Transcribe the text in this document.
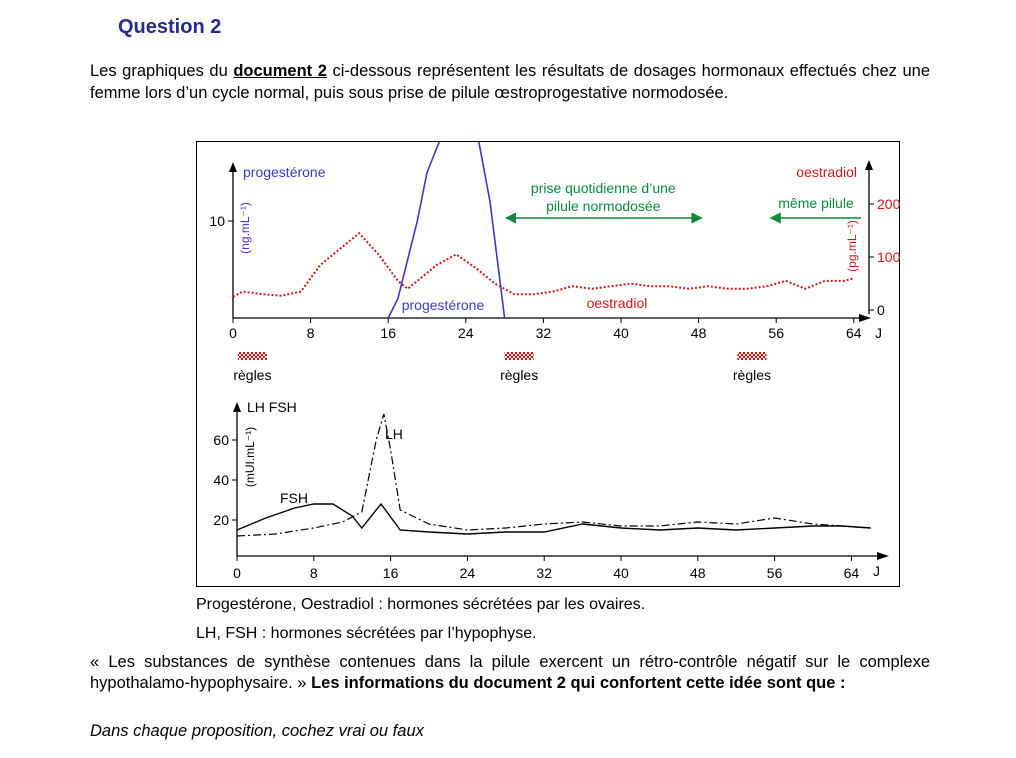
Question 2
Les graphiques du document 2 ci-dessous représentent les résultats de dosages hormonaux effectués chez une femme lors d’un cycle normal, puis sous prise de pilule œstroprogestative normodosée.
0	8	16	24	32	40	48	56	64
10
0
100
200
progestérone
(ng.mL⁻¹)
oestradiol
(pg.mL⁻¹)
J
progestérone	oestradiol
prise quotidienne d’une
pilule normodosée	même pilule
règles	règles	règles
0	8	16	24	32	40	48	56	64
20
40
60
LH FSH
(mUI.mL⁻¹)
J
FSH
LH
Progestérone, Oestradiol : hormones sécrétées par les ovaires.
LH, FSH : hormones sécrétées par l’hypophyse.
« Les substances de synthèse contenues dans la pilule exercent un rétro-contrôle négatif sur le complexe hypothalamo-hypophysaire. » Les informations du document 2 qui confortent cette idée sont que :
Dans chaque proposition, cochez vrai ou faux
